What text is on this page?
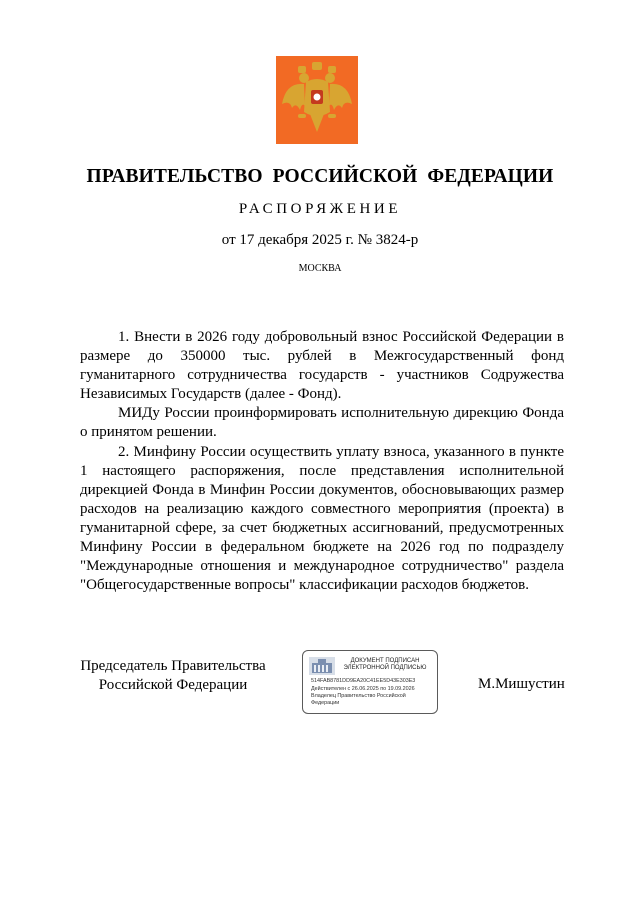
ПРАВИТЕЛЬСТВО РОССИЙСКОЙ ФЕДЕРАЦИИ
РАСПОРЯЖЕНИЕ
от 17 декабря 2025 г. № 3824-р
МОСКВА

1. Внести в 2026 году добровольный взнос Российской Федерации в размере до 350000 тыс. рублей в Межгосударственный фонд гуманитарного сотрудничества государств - участников Содружества Независимых Государств (далее - Фонд).

МИДу России проинформировать исполнительную дирекцию Фонда о принятом решении.

2. Минфину России осуществить уплату взноса, указанного в пункте 1 настоящего распоряжения, после представления исполнительной дирекцией Фонда в Минфин России документов, обосновывающих размер расходов на реализацию каждого совместного мероприятия (проекта) в гуманитарной сфере, за счет бюджетных ассигнований, предусмотренных Минфину России в федеральном бюджете на 2026 год по подразделу "Международные отношения и международное сотрудничество" раздела "Общегосударственные вопросы" классификации расходов бюджетов.

Председатель Правительства
Российской Федерации
ДОКУМЕНТ ПОДПИСАН
ЭЛЕКТРОННОЙ ПОДПИСЬЮ
514FAB8781DD9EA20C41EE5D43E303E3
Действителен с 26.06.2025 по 19.09.2026
Владелец Правительство Российской
Федерации
М.Мишустин
